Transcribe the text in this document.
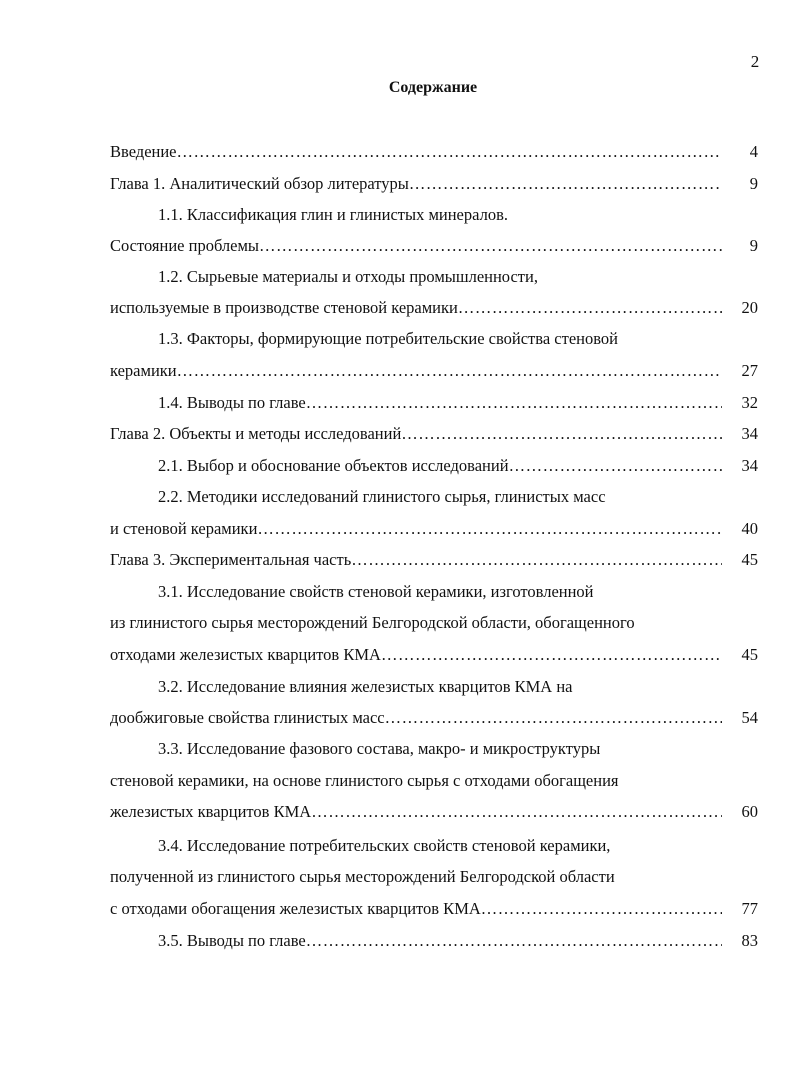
2
Содержание
Введение …………………………………………………………………………………………………………………………………………………………………………	4
Глава 1. Аналитический обзор литературы …………………………………………………………………………………………………………………………………………………………………………	9
1.1. Классификация глин и глинистых минералов.
Состояние проблемы …………………………………………………………………………………………………………………………………………………………………………	9
1.2. Сырьевые материалы и отходы промышленности,
используемые в производстве стеновой керамики …………………………………………………………………………………………………………………………………………………………………………	20
1.3. Факторы, формирующие потребительские свойства стеновой
керамики …………………………………………………………………………………………………………………………………………………………………………	27
1.4. Выводы по главе …………………………………………………………………………………………………………………………………………………………………………	32
Глава 2. Объекты и методы исследований …………………………………………………………………………………………………………………………………………………………………………	34
2.1. Выбор и обоснование объектов исследований …………………………………………………………………………………………………………………………………………………………………………	34
2.2. Методики исследований глинистого сырья, глинистых масс
и стеновой керамики …………………………………………………………………………………………………………………………………………………………………………	40
Глава 3. Экспериментальная часть …………………………………………………………………………………………………………………………………………………………………………	45
3.1. Исследование свойств стеновой керамики, изготовленной
из глинистого сырья месторождений Белгородской области, обогащенного
отходами железистых кварцитов КМА …………………………………………………………………………………………………………………………………………………………………………	45
3.2. Исследование влияния железистых кварцитов КМА на
дообжиговые свойства глинистых масс …………………………………………………………………………………………………………………………………………………………………………	54
3.3. Исследование фазового состава, макро- и микроструктуры
стеновой керамики, на основе глинистого сырья с отходами обогащения
железистых кварцитов КМА …………………………………………………………………………………………………………………………………………………………………………	60
3.4. Исследование потребительских свойств стеновой керамики,
полученной из глинистого сырья месторождений Белгородской области
с отходами обогащения железистых кварцитов КМА …………………………………………………………………………………………………………………………………………………………………………	77
3.5. Выводы по главе …………………………………………………………………………………………………………………………………………………………………………	83
